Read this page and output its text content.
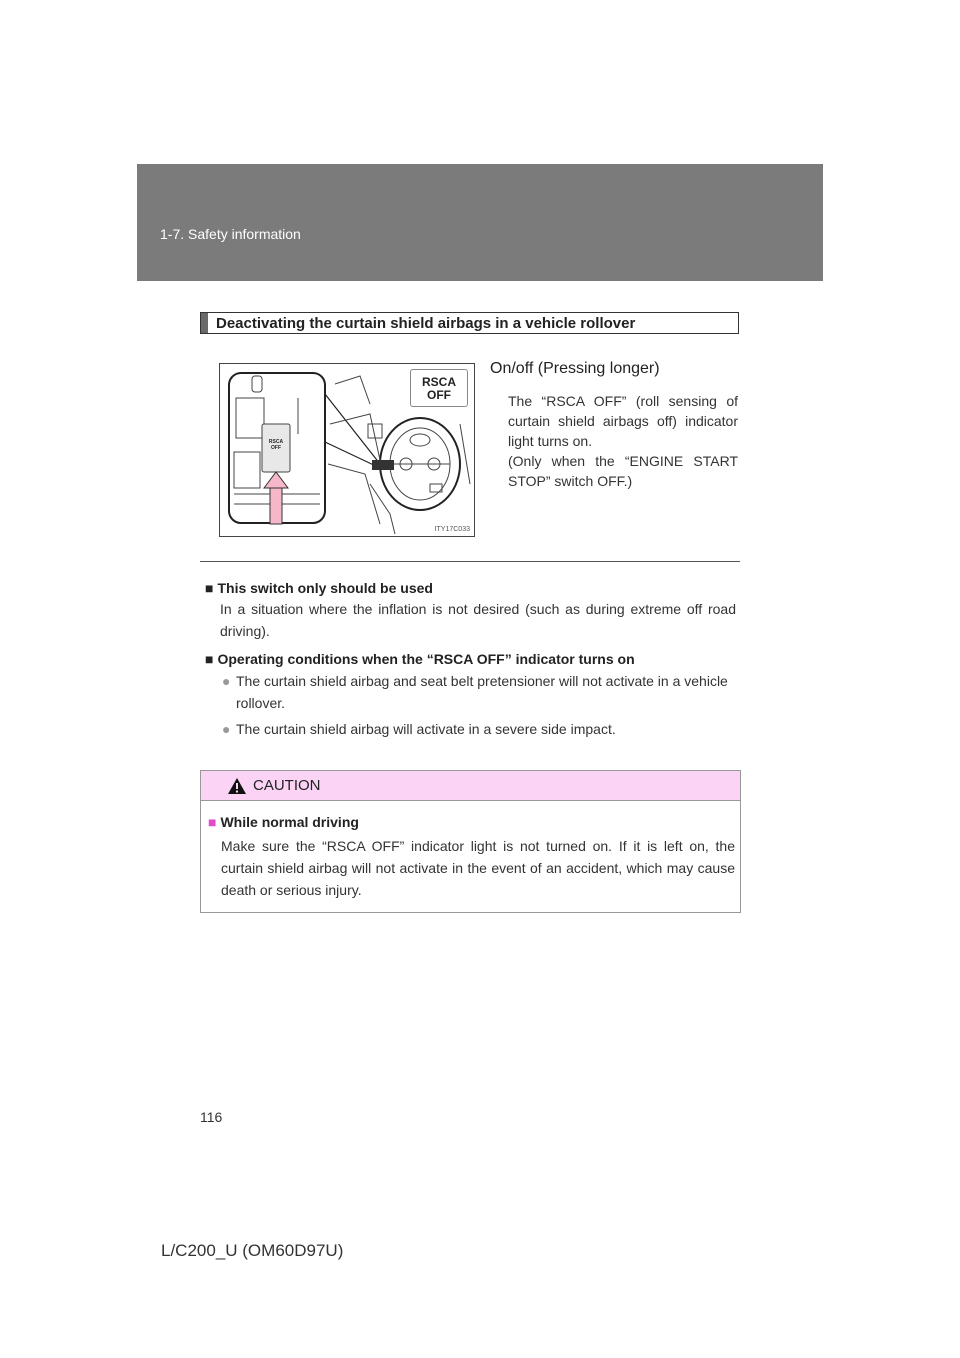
1-7. Safety information
Deactivating the curtain shield airbags in a vehicle rollover
RSCA
OFF
RSCA
OFF
ITY17C033
On/off (Pressing longer)

The “RSCA OFF” (roll sensing of curtain shield airbags off) indicator light turns on.

(Only when the “ENGINE START STOP” switch OFF.)

■ This switch only should be used
In a situation where the inflation is not desired (such as during extreme off road driving).
■ Operating conditions when the “RSCA OFF” indicator turns on
● The curtain shield airbag and seat belt pretensioner will not activate in a vehicle rollover.
● The curtain shield airbag will activate in a severe side impact.
CAUTION
■ While normal driving
Make sure the “RSCA OFF” indicator light is not turned on. If it is left on, the curtain shield airbag will not activate in the event of an accident, which may cause death or serious injury.
116
L/C200_U (OM60D97U)
